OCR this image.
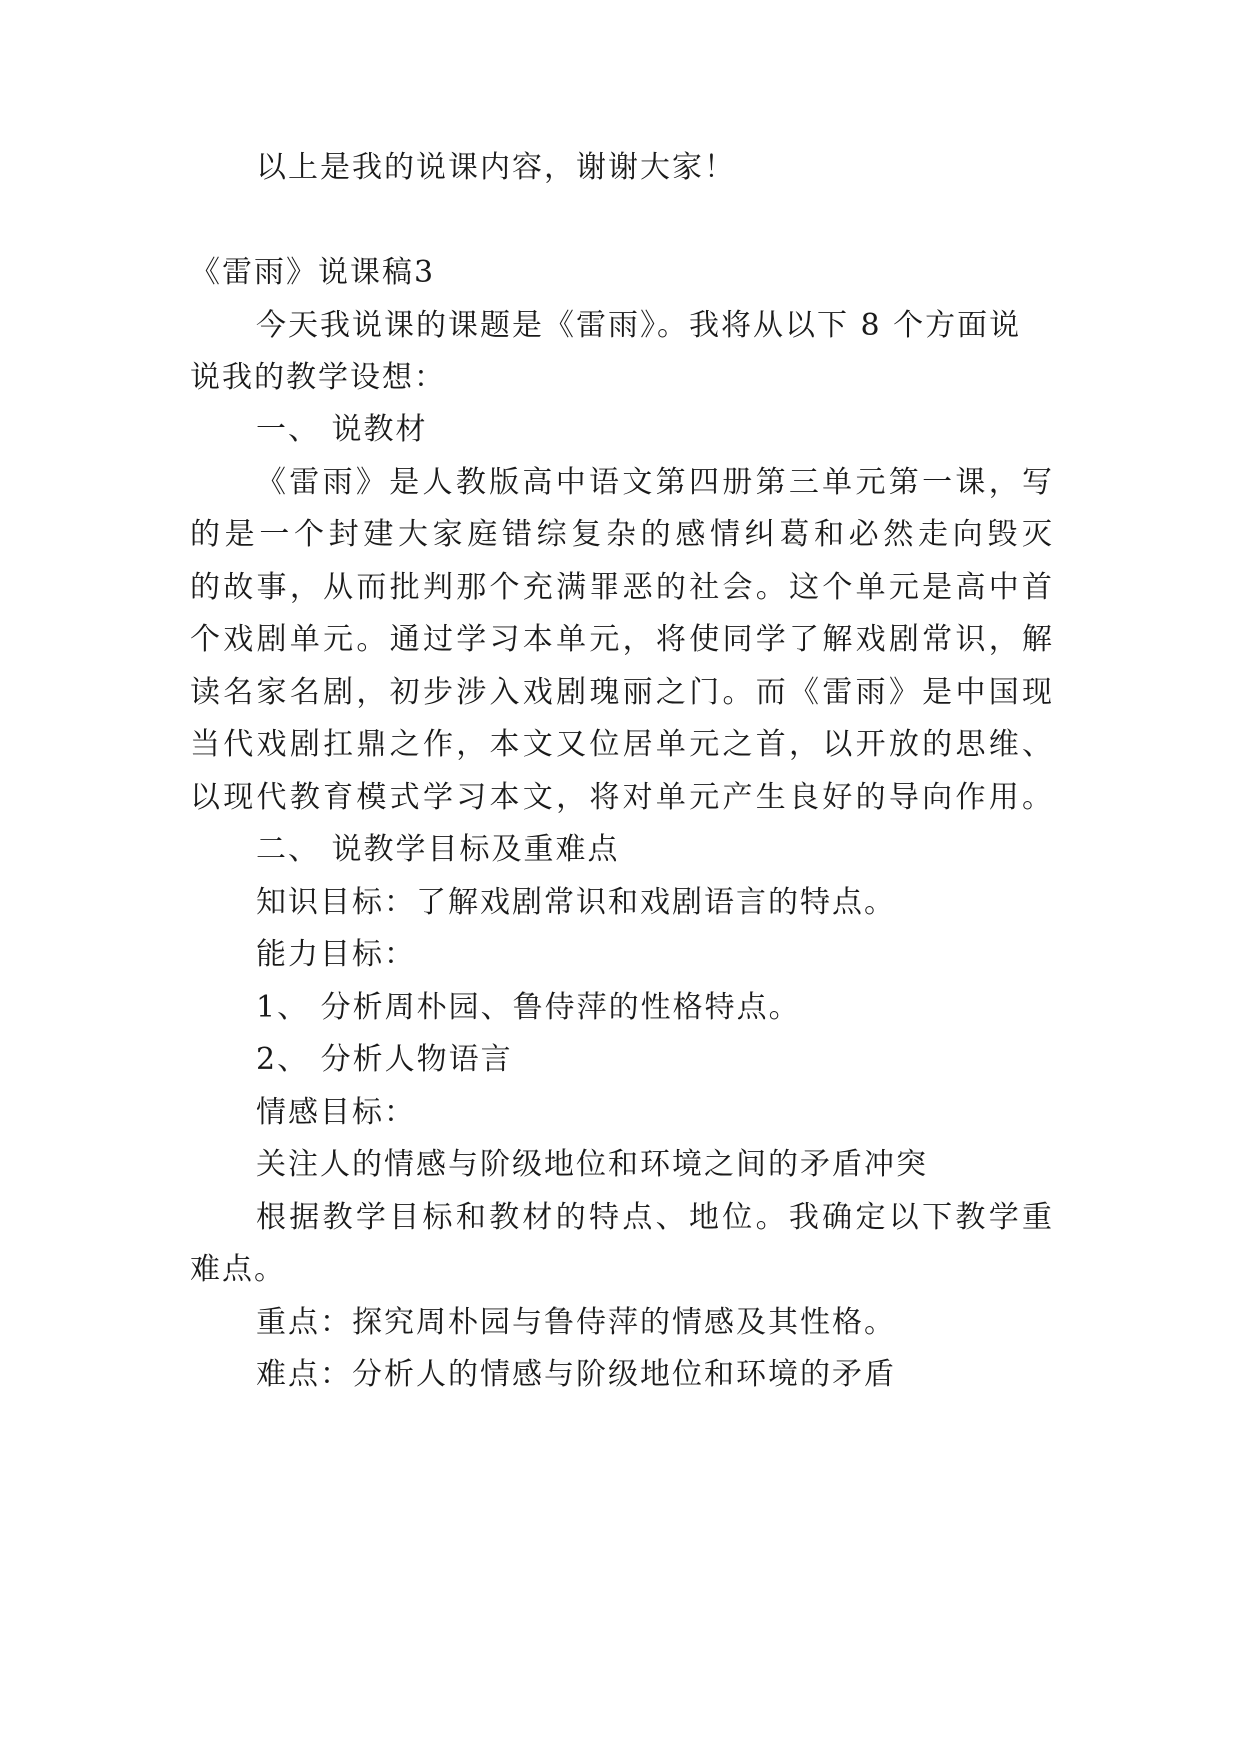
以上是我的说课内容，谢谢大家！
《雷雨》说课稿3
今天我说课的课题是《雷雨》。我将从以下 8 个方面说
说我的教学设想：
一、 说教材
《雷雨》是人教版高中语文第四册第三单元第一课，写
的是一个封建大家庭错综复杂的感情纠葛和必然走向毁灭
的故事，从而批判那个充满罪恶的社会。这个单元是高中首
个戏剧单元。通过学习本单元，将使同学了解戏剧常识，解
读名家名剧，初步涉入戏剧瑰丽之门。而《雷雨》是中国现
当代戏剧扛鼎之作，本文又位居单元之首，以开放的思维、
以现代教育模式学习本文，将对单元产生良好的导向作用。
二、 说教学目标及重难点
知识目标：了解戏剧常识和戏剧语言的特点。
能力目标：
1、 分析周朴园、鲁侍萍的性格特点。
2、 分析人物语言
情感目标：
关注人的情感与阶级地位和环境之间的矛盾冲突
根据教学目标和教材的特点、地位。我确定以下教学重
难点。
重点：探究周朴园与鲁侍萍的情感及其性格。
难点：分析人的情感与阶级地位和环境的矛盾
